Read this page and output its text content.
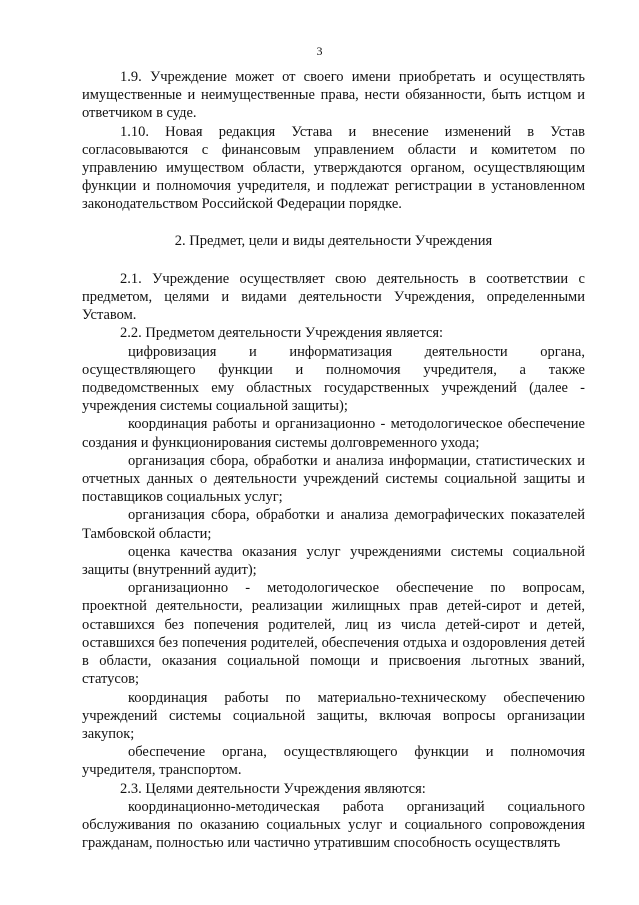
3

1.9. Учреждение может от своего имени приобретать и осуществлять имущественные и неимущественные права, нести обязанности, быть истцом и ответчиком в суде.

1.10. Новая редакция Устава и внесение изменений в Устав согласовываются с финансовым управлением области и комитетом по управлению имуществом области, утверждаются органом, осуществляющим функции и полномочия учредителя, и подлежат регистрации в установленном законодательством Российской Федерации порядке.

2. Предмет, цели и виды деятельности Учреждения

2.1. Учреждение осуществляет свою деятельность в соответствии с предметом, целями и видами деятельности Учреждения, определенными Уставом.

2.2. Предметом деятельности Учреждения является:

цифровизация и информатизация деятельности органа, осуществляющего функции и полномочия учредителя, а также подведомственных ему областных государственных учреждений (далее - учреждения системы социальной защиты);

координация работы и организационно - методологическое обеспечение создания и функционирования системы долговременного ухода;

организация сбора, обработки и анализа информации, статистических и отчетных данных о деятельности учреждений системы социальной защиты и поставщиков социальных услуг;

организация сбора, обработки и анализа демографических показателей Тамбовской области;

оценка качества оказания услуг учреждениями системы социальной защиты (внутренний аудит);

организационно - методологическое обеспечение по вопросам, проектной деятельности, реализации жилищных прав детей-сирот и детей, оставшихся без попечения родителей, лиц из числа детей-сирот и детей, оставшихся без попечения родителей, обеспечения отдыха и оздоровления детей в области, оказания социальной помощи и присвоения льготных званий, статусов;

координация работы по материально-техническому обеспечению учреждений системы социальной защиты, включая вопросы организации закупок;

обеспечение органа, осуществляющего функции и полномочия учредителя, транспортом.

2.3. Целями деятельности Учреждения являются:

координационно-методическая работа организаций социального обслуживания по оказанию социальных услуг и социального сопровождения гражданам, полностью или частично утратившим способность осуществлять
